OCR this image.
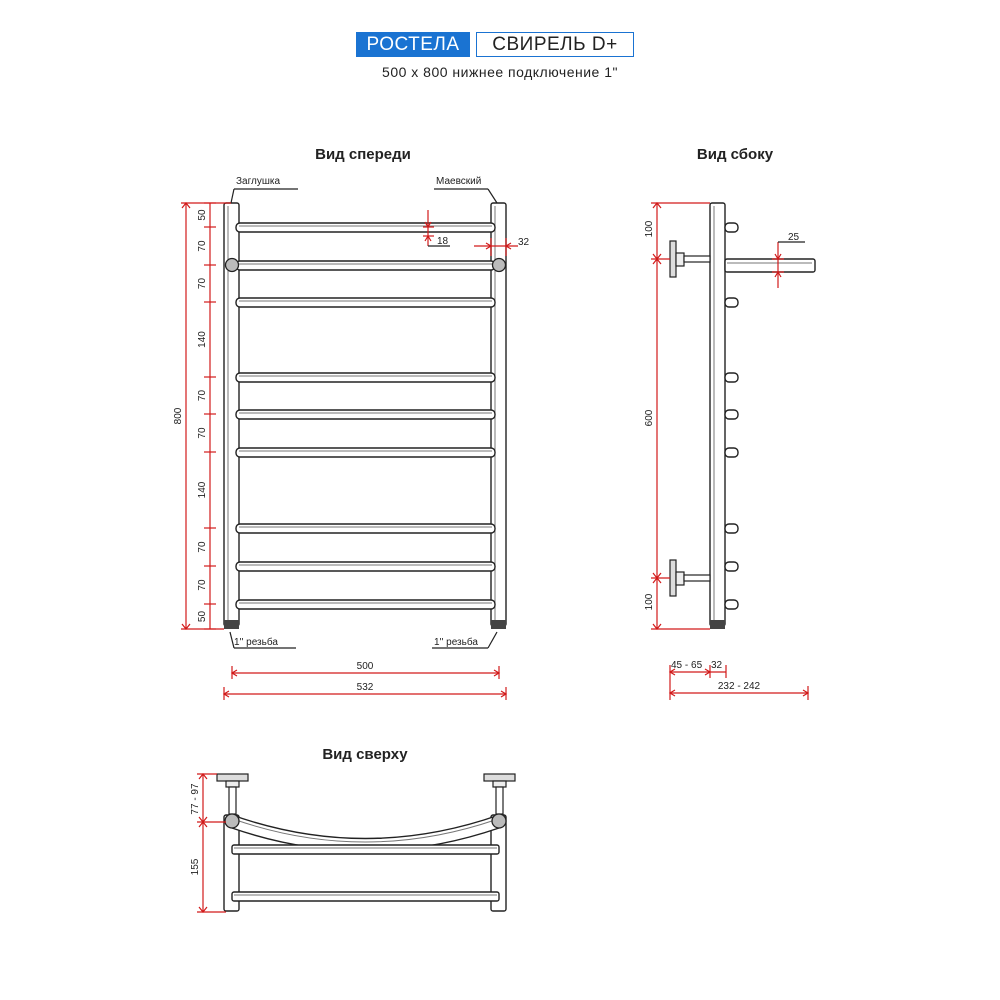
РОСТЕЛА	СВИРЕЛЬ D+
500 х 800 нижнее подключение 1"
Вид спереди
Заглушка	Маевский
1'' резьба	1'' резьба
50
70
70
140
70
70
140
70
70
50
800
18	32
500
532
Вид сбоку
100
600
100
25
45 - 65 32
232 - 242
Вид сверху
77 - 97
155
